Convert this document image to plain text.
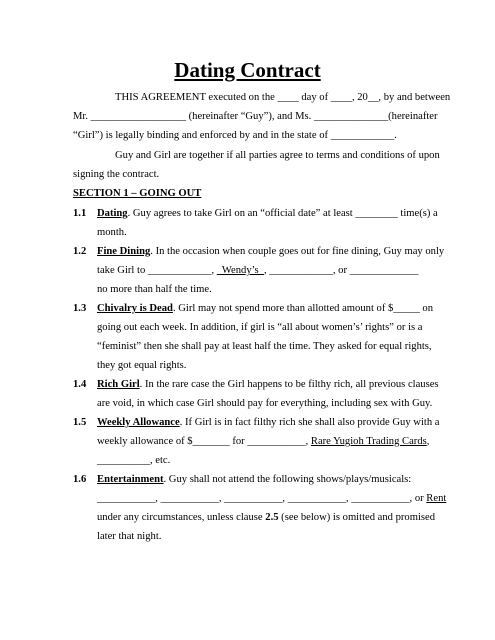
Dating Contract
THIS AGREEMENT executed on the ____ day of ____, 20__, by and between
Mr. __________________ (hereinafter “Guy”), and Ms. ______________ (hereinafter
“Girl”) is legally binding and enforced by and in the state of ____________.
Guy and Girl are together if all parties agree to terms and conditions of upon
signing the contract.
SECTION 1 – GOING OUT
1.1 Dating. Guy agrees to take Girl on an “official date” at least ________ time(s) a
month.
1.2 Fine Dining. In the occasion when couple goes out for fine dining, Guy may only
take Girl to ____________,   Wendy’s  , ____________, or _____________
no more than half the time.
1.3 Chivalry is Dead. Girl may not spend more than allotted amount of $_____ on
going out each week. In addition, if girl is “all about women’s’ rights” or is a
“feminist” then she shall pay at least half the time. They asked for equal rights,
they got equal rights.
1.4 Rich Girl. In the rare case the Girl happens to be filthy rich, all previous clauses
are void, in which case Girl should pay for everything, including sex with Guy.
1.5 Weekly Allowance. If Girl is in fact filthy rich she shall also provide Guy with a
weekly allowance of $_______ for ___________, Rare Yugioh Trading Cards,
__________, etc.
1.6 Entertainment. Guy shall not attend the following shows/plays/musicals:
___________, ___________, ___________, ___________, ___________, or Rent
under any circumstances, unless clause 2.5 (see below) is omitted and promised
later that night.
